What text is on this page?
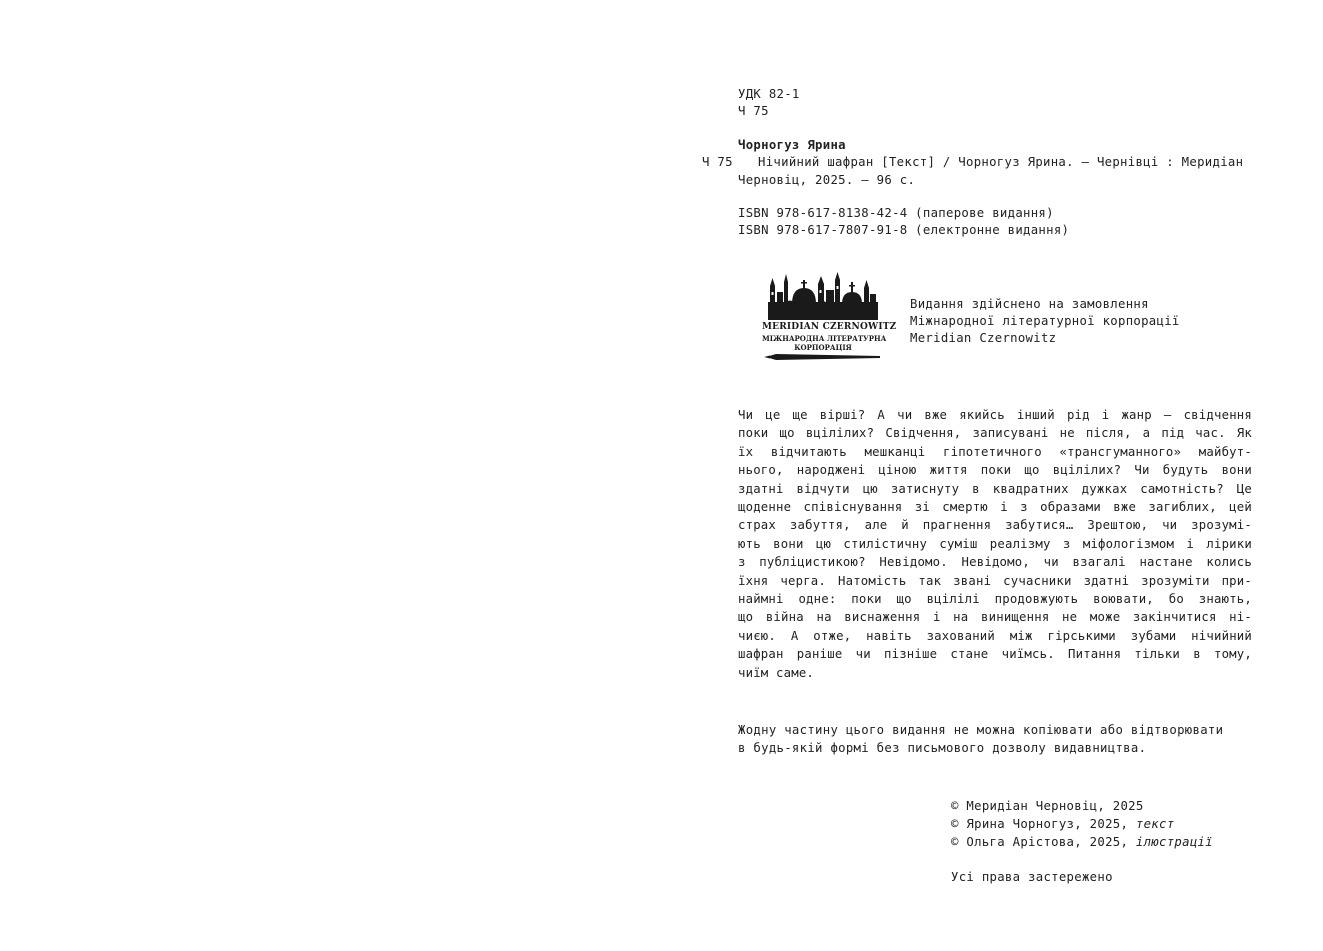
УДК 82-1
Ч 75
Чорногуз Ярина
Ч 75 Нічийний шафран [Текст] / Чорногуз Ярина. — Чернівці : Меридіан
Черновіц, 2025. — 96 с.
ISBN 978-617-8138-42-4 (паперове видання)
ISBN 978-617-7807-91-8 (електронне видання)
MERIDIAN CZERNOWITZ
МІЖНАРОДНА ЛІТЕРАТУРНА
КОРПОРАЦІЯ
Видання здійснено на замовлення
Міжнародної літературної корпорації
Meridian Czernowitz
Чи це ще вірші? А чи вже якийсь інший рід і жанр — свідчення
поки що вцілілих? Свідчення, записувані не після, а під час. Як
їх відчитають мешканці гіпотетичного «трансгуманного» майбут-
нього, народжені ціною життя поки що вцілілих? Чи будуть вони
здатні відчути цю затиснуту в квадратних дужках самотність? Це
щоденне співіснування зі смертю і з образами вже загиблих, цей
страх забуття, але й прагнення забутися… Зрештою, чи зрозумі-
ють вони цю стилістичну суміш реалізму з міфологізмом і лірики
з публіцистикою? Невідомо. Невідомо, чи взагалі настане колись
їхня черга. Натомість так звані сучасники здатні зрозуміти при-
наймні одне: поки що вцілілі продовжують воювати, бо знають,
що війна на виснаження і на винищення не може закінчитися ні-
чиєю. А отже, навіть захований між гірськими зубами нічийний
шафран раніше чи пізніше стане чиїмсь. Питання тільки в тому,
чиїм саме.
Жодну частину цього видання не можна копіювати або відтворювати
в будь-якій формі без письмового дозволу видавництва.
© Меридіан Черновіц, 2025
© Ярина Чорногуз, 2025, текст
© Ольга Арістова, 2025, ілюстрації
Усі права застережено
